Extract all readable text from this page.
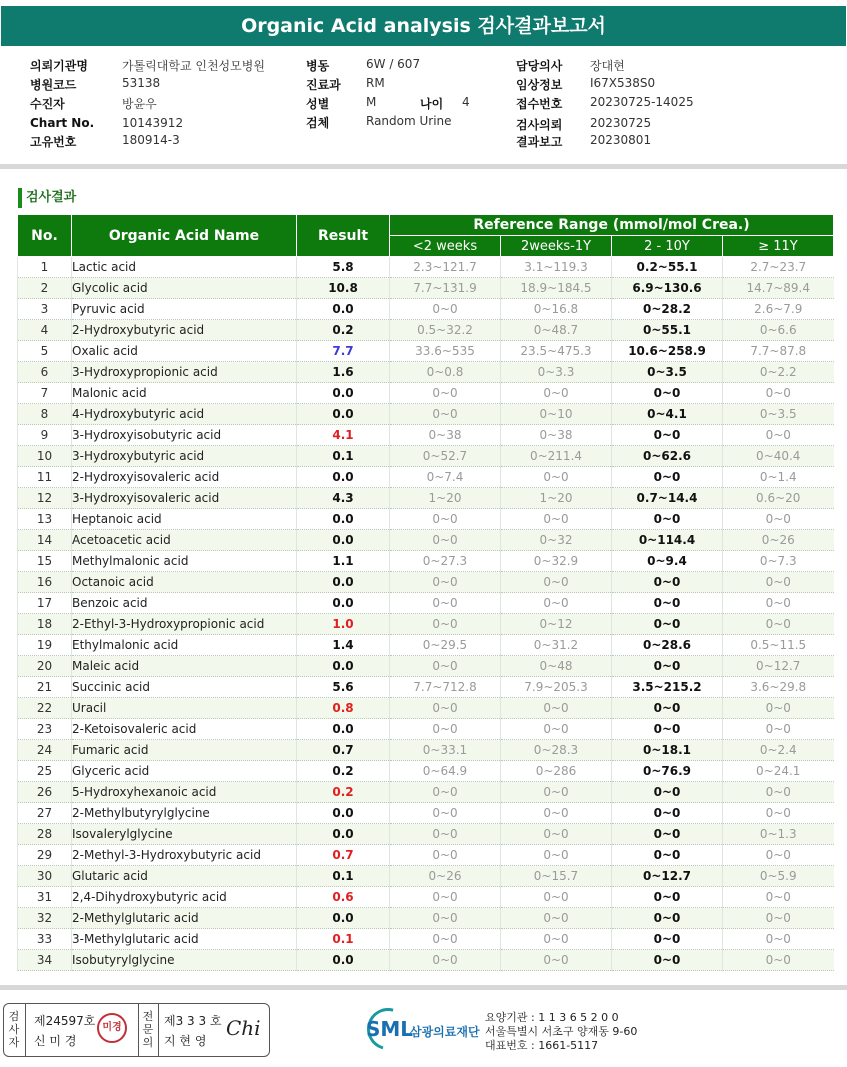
Organic Acid analysis 검사결과보고서
의뢰기관명	가톨릭대학교 인천성모병원
병원코드	53138
수진자	방윤우
Chart No. 10143912
고유번호	180914-3
병동	6W / 607
진료과 RM
성별	M	나이 4
검체	Random Urine
담당의사 장대현
임상정보 I67X538S0
접수번호 20230725-14025
검사의뢰 20230725
결과보고 20230801
검사결과
No.	Organic Acid Name	Result	Reference Range (mmol/mol Crea.)			
			<2 weeks	2weeks-1Y	2 - 10Y	≥ 11Y
1	Lactic acid	5.8	2.3~121.7	3.1~119.3	0.2~55.1	2.7~23.7
2	Glycolic acid	10.8	7.7~131.9	18.9~184.5	6.9~130.6	14.7~89.4
3	Pyruvic acid	0.0	0~0	0~16.8	0~28.2	2.6~7.9
4	2-Hydroxybutyric acid	0.2	0.5~32.2	0~48.7	0~55.1	0~6.6
5	Oxalic acid	7.7	33.6~535	23.5~475.3	10.6~258.9	7.7~87.8
6	3-Hydroxypropionic acid	1.6	0~0.8	0~3.3	0~3.5	0~2.2
7	Malonic acid	0.0	0~0	0~0	0~0	0~0
8	4-Hydroxybutyric acid	0.0	0~0	0~10	0~4.1	0~3.5
9	3-Hydroxyisobutyric acid	4.1	0~38	0~38	0~0	0~0
10	3-Hydroxybutyric acid	0.1	0~52.7	0~211.4	0~62.6	0~40.4
11	2-Hydroxyisovaleric acid	0.0	0~7.4	0~0	0~0	0~1.4
12	3-Hydroxyisovaleric acid	4.3	1~20	1~20	0.7~14.4	0.6~20
13	Heptanoic acid	0.0	0~0	0~0	0~0	0~0
14	Acetoacetic acid	0.0	0~0	0~32	0~114.4	0~26
15	Methylmalonic acid	1.1	0~27.3	0~32.9	0~9.4	0~7.3
16	Octanoic acid	0.0	0~0	0~0	0~0	0~0
17	Benzoic acid	0.0	0~0	0~0	0~0	0~0
18	2-Ethyl-3-Hydroxypropionic acid	1.0	0~0	0~12	0~0	0~0
19	Ethylmalonic acid	1.4	0~29.5	0~31.2	0~28.6	0.5~11.5
20	Maleic acid	0.0	0~0	0~48	0~0	0~12.7
21	Succinic acid	5.6	7.7~712.8	7.9~205.3	3.5~215.2	3.6~29.8
22	Uracil	0.8	0~0	0~0	0~0	0~0
23	2-Ketoisovaleric acid	0.0	0~0	0~0	0~0	0~0
24	Fumaric acid	0.7	0~33.1	0~28.3	0~18.1	0~2.4
25	Glyceric acid	0.2	0~64.9	0~286	0~76.9	0~24.1
26	5-Hydroxyhexanoic acid	0.2	0~0	0~0	0~0	0~0
27	2-Methylbutyrylglycine	0.0	0~0	0~0	0~0	0~0
28	Isovalerylglycine	0.0	0~0	0~0	0~0	0~1.3
29	2-Methyl-3-Hydroxybutyric acid	0.7	0~0	0~0	0~0	0~0
30	Glutaric acid	0.1	0~26	0~15.7	0~12.7	0~5.9
31	2,4-Dihydroxybutyric acid	0.6	0~0	0~0	0~0	0~0
32	2-Methylglutaric acid	0.0	0~0	0~0	0~0	0~0
33	3-Methylglutaric acid	0.1	0~0	0~0	0~0	0~0
34	Isobutyrylglycine	0.0	0~0	0~0	0~0	0~0
검사자
제24597호
신 미 경
전문의
제3 3 3 호
지 현 영
Chi
미경	SML
삼광의료재단
요양기관 : 1 1 3 6 5 2 0 0
서울특별시 서초구 양재동 9-60
대표번호 : 1661-5117
